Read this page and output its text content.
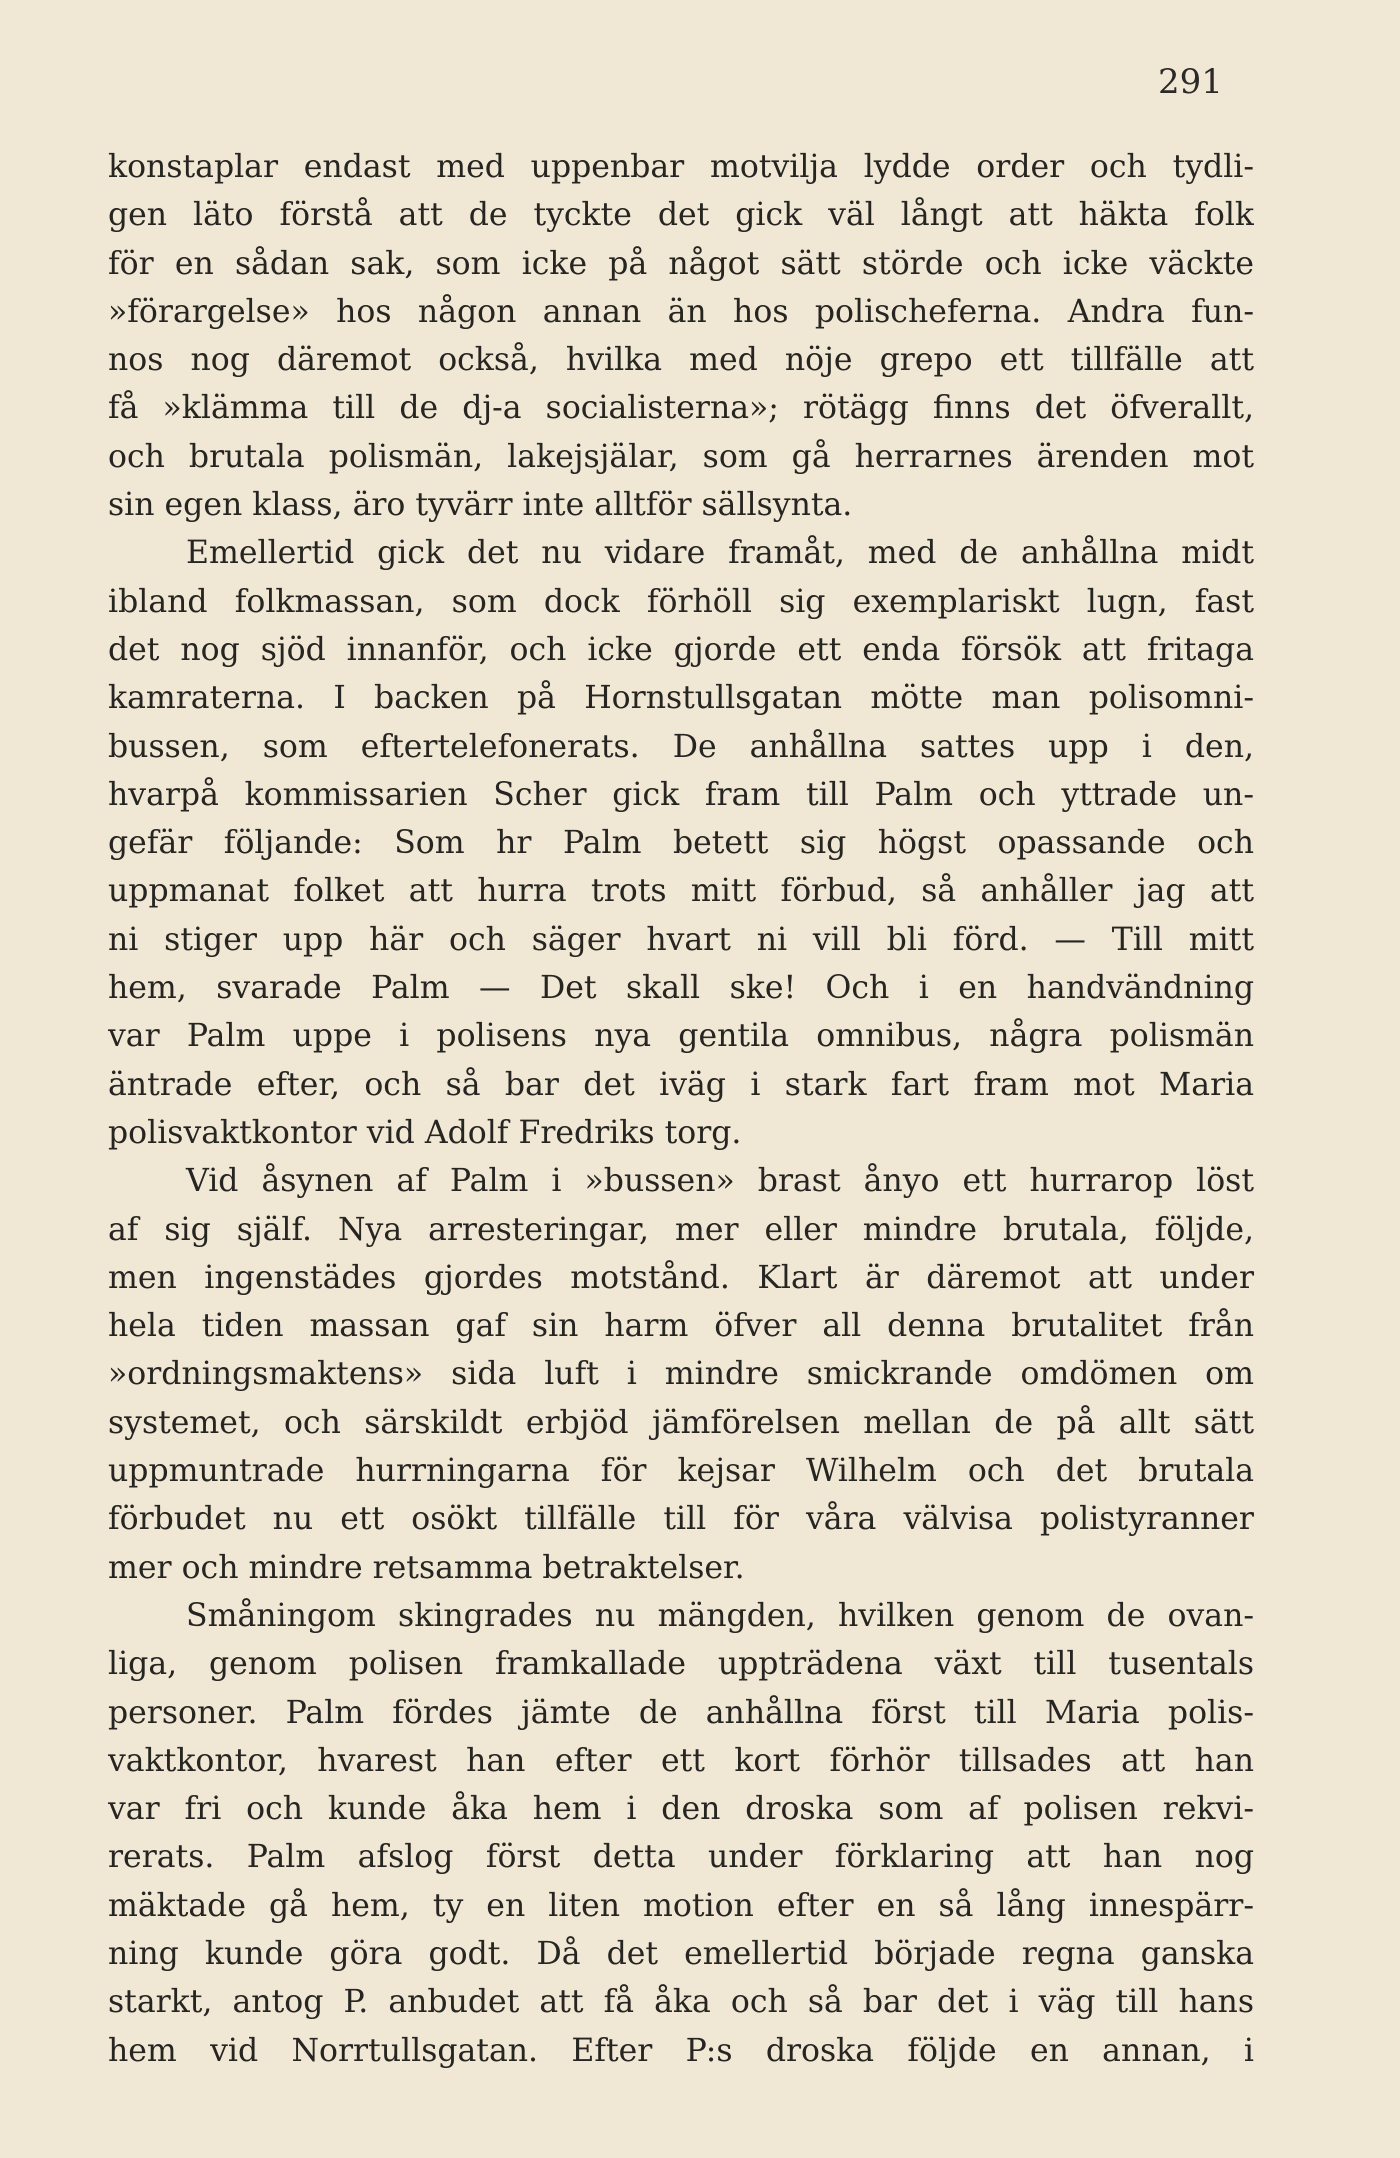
291
konstaplar endast med uppenbar motvilja lydde order och tydli-
gen läto förstå att de tyckte det gick väl långt att häkta folk
för en sådan sak, som icke på något sätt störde och icke väckte
»förargelse» hos någon annan än hos polischeferna. Andra fun-
nos nog däremot också, hvilka med nöje grepo ett tillfälle att
få »klämma till de dj-a socialisterna»; rötägg finns det öfverallt,
och brutala polismän, lakejsjälar, som gå herrarnes ärenden mot
sin egen klass, äro tyvärr inte alltför sällsynta.
Emellertid gick det nu vidare framåt, med de anhållna midt
ibland folkmassan, som dock förhöll sig exemplariskt lugn, fast
det nog sjöd innanför, och icke gjorde ett enda försök att fritaga
kamraterna. I backen på Hornstullsgatan mötte man polisomni-
bussen, som eftertelefonerats. De anhållna sattes upp i den,
hvarpå kommissarien Scher gick fram till Palm och yttrade un-
gefär följande: Som hr Palm betett sig högst opassande och
uppmanat folket att hurra trots mitt förbud, så anhåller jag att
ni stiger upp här och säger hvart ni vill bli förd. — Till mitt
hem, svarade Palm — Det skall ske! Och i en handvändning
var Palm uppe i polisens nya gentila omnibus, några polismän
äntrade efter, och så bar det iväg i stark fart fram mot Maria
polisvaktkontor vid Adolf Fredriks torg.
Vid åsynen af Palm i »bussen» brast ånyo ett hurrarop löst
af sig själf. Nya arresteringar, mer eller mindre brutala, följde,
men ingenstädes gjordes motstånd. Klart är däremot att under
hela tiden massan gaf sin harm öfver all denna brutalitet från
»ordningsmaktens» sida luft i mindre smickrande omdömen om
systemet, och särskildt erbjöd jämförelsen mellan de på allt sätt
uppmuntrade hurrningarna för kejsar Wilhelm och det brutala
förbudet nu ett osökt tillfälle till för våra välvisa polistyranner
mer och mindre retsamma betraktelser.
Småningom skingrades nu mängden, hvilken genom de ovan-
liga, genom polisen framkallade uppträdena växt till tusentals
personer. Palm fördes jämte de anhållna först till Maria polis-
vaktkontor, hvarest han efter ett kort förhör tillsades att han
var fri och kunde åka hem i den droska som af polisen rekvi-
rerats. Palm afslog först detta under förklaring att han nog
mäktade gå hem, ty en liten motion efter en så lång innespärr-
ning kunde göra godt. Då det emellertid började regna ganska
starkt, antog P. anbudet att få åka och så bar det i väg till hans
hem vid Norrtullsgatan. Efter P:s droska följde en annan, i
